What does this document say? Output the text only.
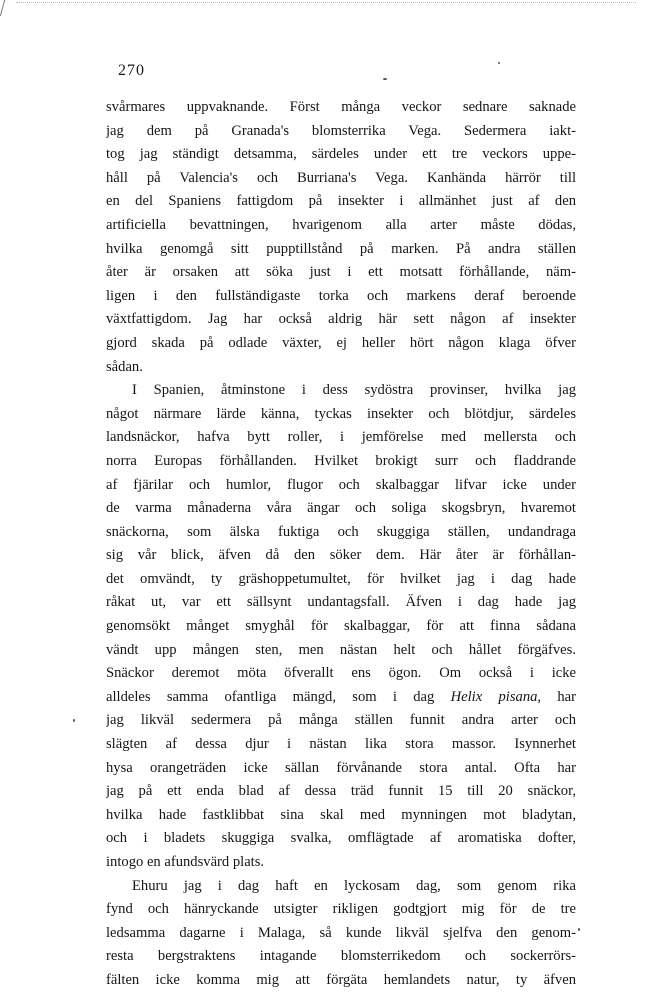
270
svårmares uppvaknande. Först många veckor sednare saknade
jag dem på Granada's blomsterrika Vega. Sedermera iakt-
tog jag ständigt detsamma, särdeles under ett tre veckors uppe-
håll på Valencia's och Burriana's Vega. Kanhända härrör till
en del Spaniens fattigdom på insekter i allmänhet just af den
artificiella bevattningen, hvarigenom alla arter måste dödas,
hvilka genomgå sitt pupptillstånd på marken. På andra ställen
åter är orsaken att söka just i ett motsatt förhållande, näm-
ligen i den fullständigaste torka och markens deraf beroende
växtfattigdom. Jag har också aldrig här sett någon af insekter
gjord skada på odlade växter, ej heller hört någon klaga öfver
sådan.
I Spanien, åtminstone i dess sydöstra provinser, hvilka jag
något närmare lärde känna, tyckas insekter och blötdjur, särdeles
landsnäckor, hafva bytt roller, i jemförelse med mellersta och
norra Europas förhållanden. Hvilket brokigt surr och fladdrande
af fjärilar och humlor, flugor och skalbaggar lifvar icke under
de varma månaderna våra ängar och soliga skogsbryn, hvaremot
snäckorna, som älska fuktiga och skuggiga ställen, undandraga
sig vår blick, äfven då den söker dem. Här åter är förhållan-
det omvändt, ty gräshoppetumultet, för hvilket jag i dag hade
råkat ut, var ett sällsynt undantagsfall. Äfven i dag hade jag
genomsökt månget smyghål för skalbaggar, för att finna sådana
vändt upp mången sten, men nästan helt och hållet förgäfves.
Snäckor deremot möta öfverallt ens ögon. Om också i icke
alldeles samma ofantliga mängd, som i dag Helix pisana, har
jag likväl sedermera på många ställen funnit andra arter och
slägten af dessa djur i nästan lika stora massor. Isynnerhet
hysa orangeträden icke sällan förvånande stora antal. Ofta har
jag på ett enda blad af dessa träd funnit 15 till 20 snäckor,
hvilka hade fastklibbat sina skal med mynningen mot bladytan,
och i bladets skuggiga svalka, omflägtade af aromatiska dofter,
intogo en afundsvärd plats.
Ehuru jag i dag haft en lyckosam dag, som genom rika
fynd och hänryckande utsigter rikligen godtgjort mig för de tre
ledsamma dagarne i Malaga, så kunde likväl sjelfva den genom-
resta bergstraktens intagande blomsterrikedom och sockerrörs-
fälten icke komma mig att förgäta hemlandets natur, ty äfven
